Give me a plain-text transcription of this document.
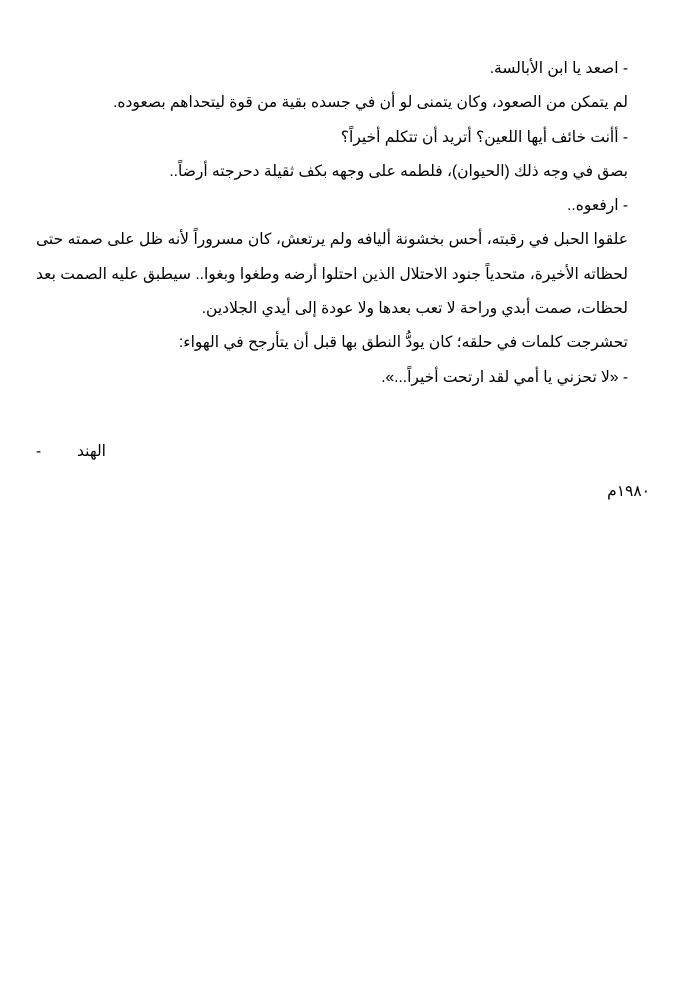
- اصعد يا ابن الأبالسة.

لم يتمكن من الصعود، وكان يتمنى لو أن في جسده بقية من قوة ليتحداهم بصعوده.

- أأنت خائف أيها اللعين؟ أتريد أن تتكلم أخيراً؟

بصق في وجه ذلك (الحيوان)، فلطمه على وجهه بكف ثقيلة دحرجته أرضاً..

- ارفعوه..

علقوا الحبل في رقبته، أحس بخشونة أليافه ولم يرتعش، كان مسروراً لأنه ظل على صمته حتى لحظاته الأخيرة، متحدياً جنود الاحتلال الذين احتلوا أرضه وطغوا وبغوا.. سيطبق عليه الصمت بعد لحظات، صمت أبدي وراحة لا تعب بعدها ولا عودة إلى أيدي الجلادين.

تحشرجت كلمات في حلقه؛ كان يودُّ النطق بها قبل أن يتأرجح في الهواء:

- «لا تحزني يا أمي لقد ارتحت أخيراً...».

الهند
-
١٩٨٠م
